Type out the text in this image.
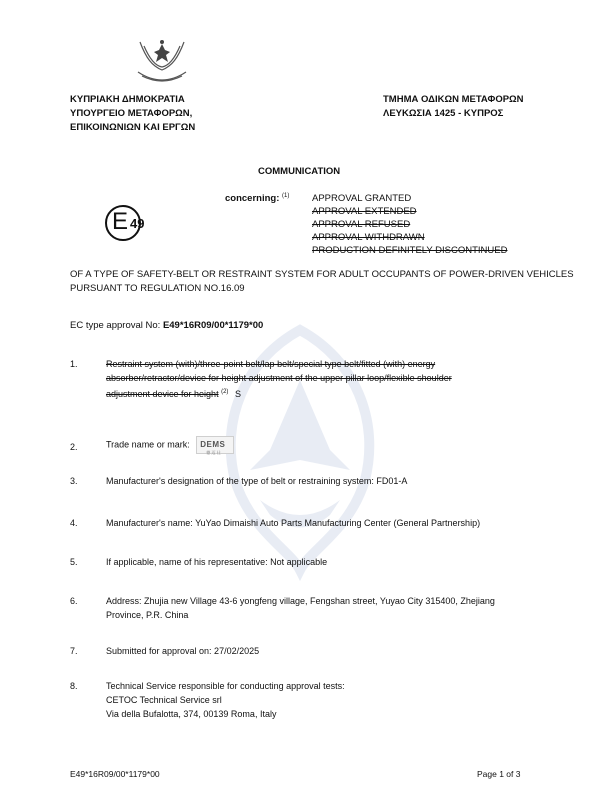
ΚΥΠΡΙΑΚΗ ΔΗΜΟΚΡΑΤΙΑ
ΥΠΟΥΡΓΕΙΟ ΜΕΤΑΦΟΡΩΝ,
ΕΠΙΚΟΙΝΩΝΙΩΝ ΚΑΙ ΕΡΓΩΝ
ΤΜΗΜΑ ΟΔΙΚΩΝ ΜΕΤΑΦΟΡΩΝ
ΛΕΥΚΩΣΙΑ 1425 - ΚΥΠΡΟΣ
COMMUNICATION
concerning: $^{(1)}$ APPROVAL GRANTED
APPROVAL EXTENDED
APPROVAL REFUSED
APPROVAL WITHDRAWN
PRODUCTION DEFINITELY DISCONTINUED
E 49
OF A TYPE OF SAFETY-BELT OR RESTRAINT SYSTEM FOR ADULT OCCUPANTS OF POWER-DRIVEN VEHICLES
PURSUANT TO REGULATION NO.16.09
EC type approval No: E49*16R09/00*1179*00
1.	Restraint system (with)/three-point belt/lap belt/special type belt/fitted (with) energy
absorber/retractor/device for height adjustment of the upper pillar loop/flexible shoulder
adjustment device for height $^{(2)}$ S
2.	Trade name or mark: DEMS
德 迈 仕
3.	Manufacturer's designation of the type of belt or restraining system: FD01-A
4.	Manufacturer's name: YuYao Dimaishi Auto Parts Manufacturing Center (General Partnership)
5.	If applicable, name of his representative: Not applicable
6.	Address: Zhujia new Village 43-6 yongfeng village, Fengshan street, Yuyao City 315400, Zhejiang
Province, P.R. China
7.	Submitted for approval on: 27/02/2025
8.	Technical Service responsible for conducting approval tests:
CETOC Technical Service srl
Via della Bufalotta, 374, 00139 Roma, Italy
E49*16R09/00*1179*00	Page 1 of 3
